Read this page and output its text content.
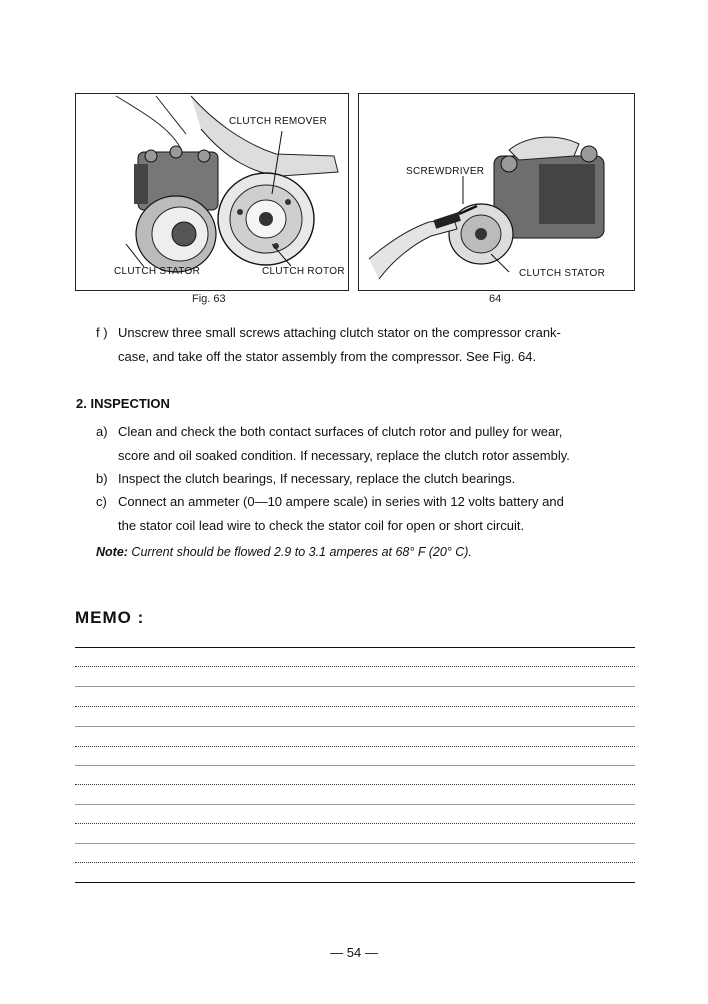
CLUTCH REMOVER
CLUTCH STATOR	CLUTCH ROTOR
SCREWDRIVER
CLUTCH STATOR
Fig. 63	64
f ) Unscrew three small screws attaching clutch stator on the compressor crank-
case, and take off the stator assembly from the compressor. See Fig. 64.
2. INSPECTION
a) Clean and check the both contact surfaces of clutch rotor and pulley for wear,
score and oil soaked condition. If necessary, replace the clutch rotor assembly.
b) Inspect the clutch bearings, If necessary, replace the clutch bearings.
c) Connect an ammeter (0—10 ampere scale) in series with 12 volts battery and
the stator coil lead wire to check the stator coil for open or short circuit.
Note: Current should be flowed 2.9 to 3.1 amperes at 68° F (20° C).
MEMO :
— 54 —
